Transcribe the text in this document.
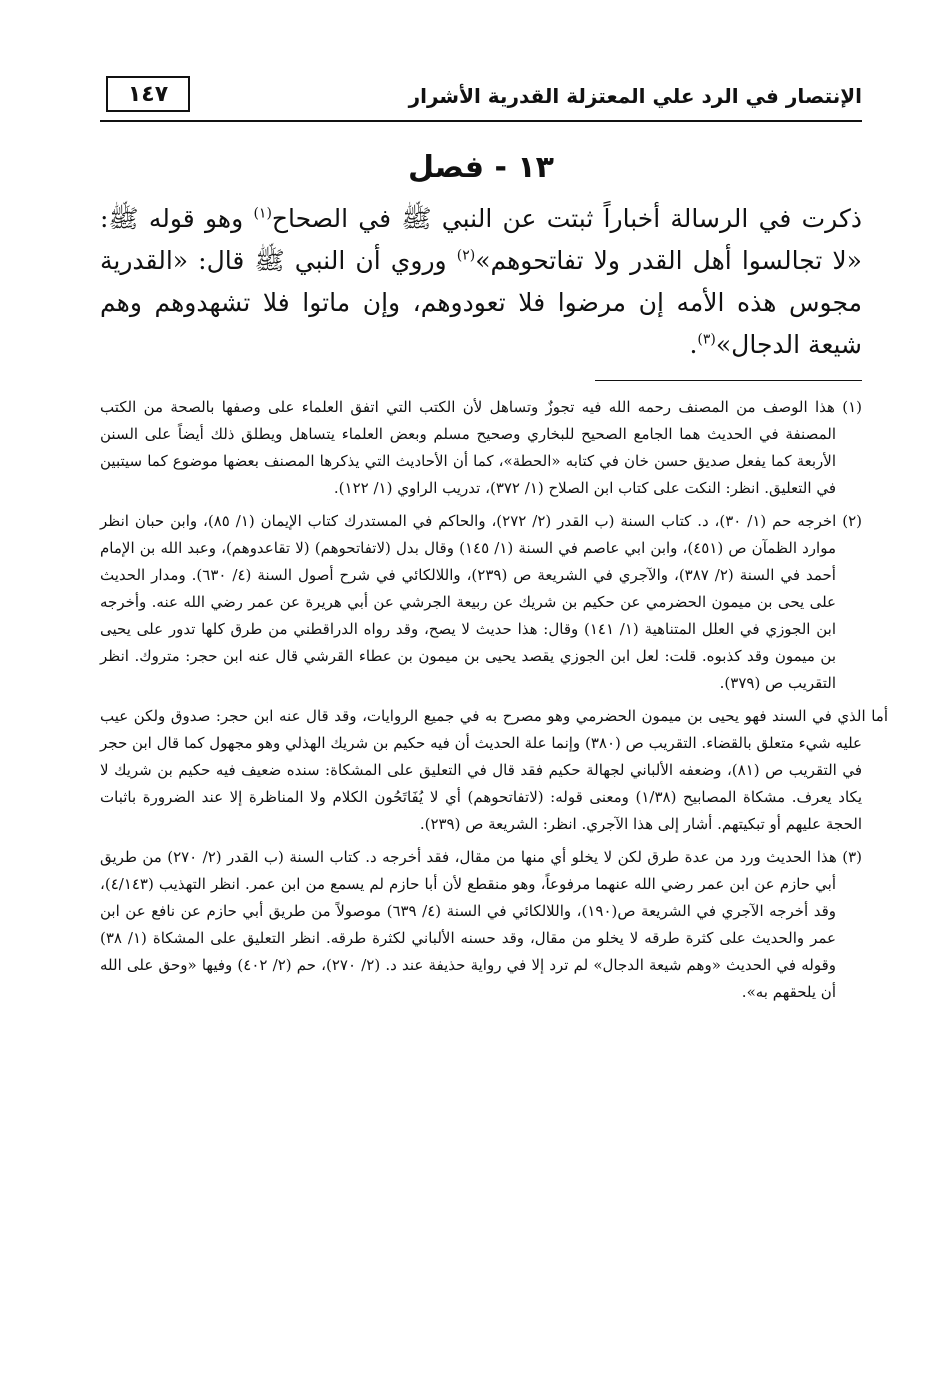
١٤٧	الإنتصار في الرد علي المعتزلة القدرية الأشرار
١٣ - فصل

ذكرت في الرسالة أخباراً ثبتت عن النبي ﷺ في الصحاح$^{(١)}$ وهو قوله ﷺ: «لا تجالسوا أهل القدر ولا تفاتحوهم»$^{(٢)}$ وروي أن النبي ﷺ قال: «القدرية مجوس هذه الأمه إن مرضوا فلا تعودوهم، وإن ماتوا فلا تشهدوهم وهم شيعة الدجال»$^{(٣)}$.

(١) هذا الوصف من المصنف رحمه الله فيه تجوزٌ وتساهل لأن الكتب التي اتفق العلماء على وصفها بالصحة من الكتب المصنفة في الحديث هما الجامع الصحيح للبخاري وصحيح مسلم وبعض العلماء يتساهل ويطلق ذلك أيضاً على السنن الأربعة كما يفعل صديق حسن خان في كتابه «الحطة»، كما أن الأحاديث التي يذكرها المصنف بعضها موضوع كما سيتبين في التعليق. انظر: النكت على كتاب ابن الصلاح (١/ ٣٧٢)، تدريب الراوي (١/ ١٢٢).

(٢) اخرجه حم (١/ ٣٠)، د. كتاب السنة (ب القدر (٢/ ٢٧٢)، والحاكم في المستدرك كتاب الإيمان (١/ ٨٥)، وابن حبان انظر موارد الظمآن ص (٤٥١)، وابن ابي عاصم في السنة (١/ ١٤٥) وقال بدل (لاتفاتحوهم) (لا تقاعدوهم)، وعبد الله بن الإمام أحمد في السنة (٢/ ٣٨٧)، والآجري في الشريعة ص (٢٣٩)، واللالكائي في شرح أصول السنة (٤/ ٦٣٠). ومدار الحديث على يحى بن ميمون الحضرمي عن حكيم بن شريك عن ربيعة الجرشي عن أبي هريرة عن عمر رضي الله عنه. وأخرجه ابن الجوزي في العلل المتناهية (١/ ١٤١) وقال: هذا حديث لا يصح، وقد رواه الدراقطني من طرق كلها تدور على يحيى بن ميمون وقد كذبوه. قلت: لعل ابن الجوزي يقصد يحيى بن ميمون بن عطاء القرشي قال عنه ابن حجر: متروك. انظر التقريب ص (٣٧٩).

أما الذي في السند فهو يحيى بن ميمون الحضرمي وهو مصرح به في جميع الروايات، وقد قال عنه ابن حجر: صدوق ولكن عيب عليه شيء متعلق بالقضاء. التقريب ص (٣٨٠) وإنما علة الحديث أن فيه حكيم بن شريك الهذلي وهو مجهول كما قال ابن حجر في التقريب ص (٨١)، وضعفه الألباني لجهالة حكيم فقد قال في التعليق على المشكاة: سنده ضعيف فيه حكيم بن شريك لا يكاد يعرف. مشكاة المصابيح (١/٣٨) ومعنى قوله: (لاتفاتحوهم) أي لا يُفَاتَحُون الكلام ولا المناظرة إلا عند الضرورة باثبات الحجة عليهم أو تبكيتهم. أشار إلى هذا الآجري. انظر: الشريعة ص (٢٣٩).

(٣) هذا الحديث ورد من عدة طرق لكن لا يخلو أي منها من مقال، فقد أخرجه د. كتاب السنة (ب القدر (٢/ ٢٧٠) من طريق أبي حازم عن ابن عمر رضي الله عنهما مرفوعاً، وهو منقطع لأن أبا حازم لم يسمع من ابن عمر. انظر التهذيب (٤/١٤٣)، وقد أخرجه الآجري في الشريعة ص(١٩٠)، واللالكائي في السنة (٤/ ٦٣٩) موصولاً من طريق أبي حازم عن نافع عن ابن عمر والحديث على كثرة طرقه لا يخلو من مقال، وقد حسنه الألباني لكثرة طرقه. انظر التعليق على المشكاة (١/ ٣٨) وقوله في الحديث «وهم شيعة الدجال» لم ترد إلا في رواية حذيفة عند د. (٢/ ٢٧٠)، حم (٢/ ٤٠٢) وفيها «وحق على الله أن يلحقهم به».
